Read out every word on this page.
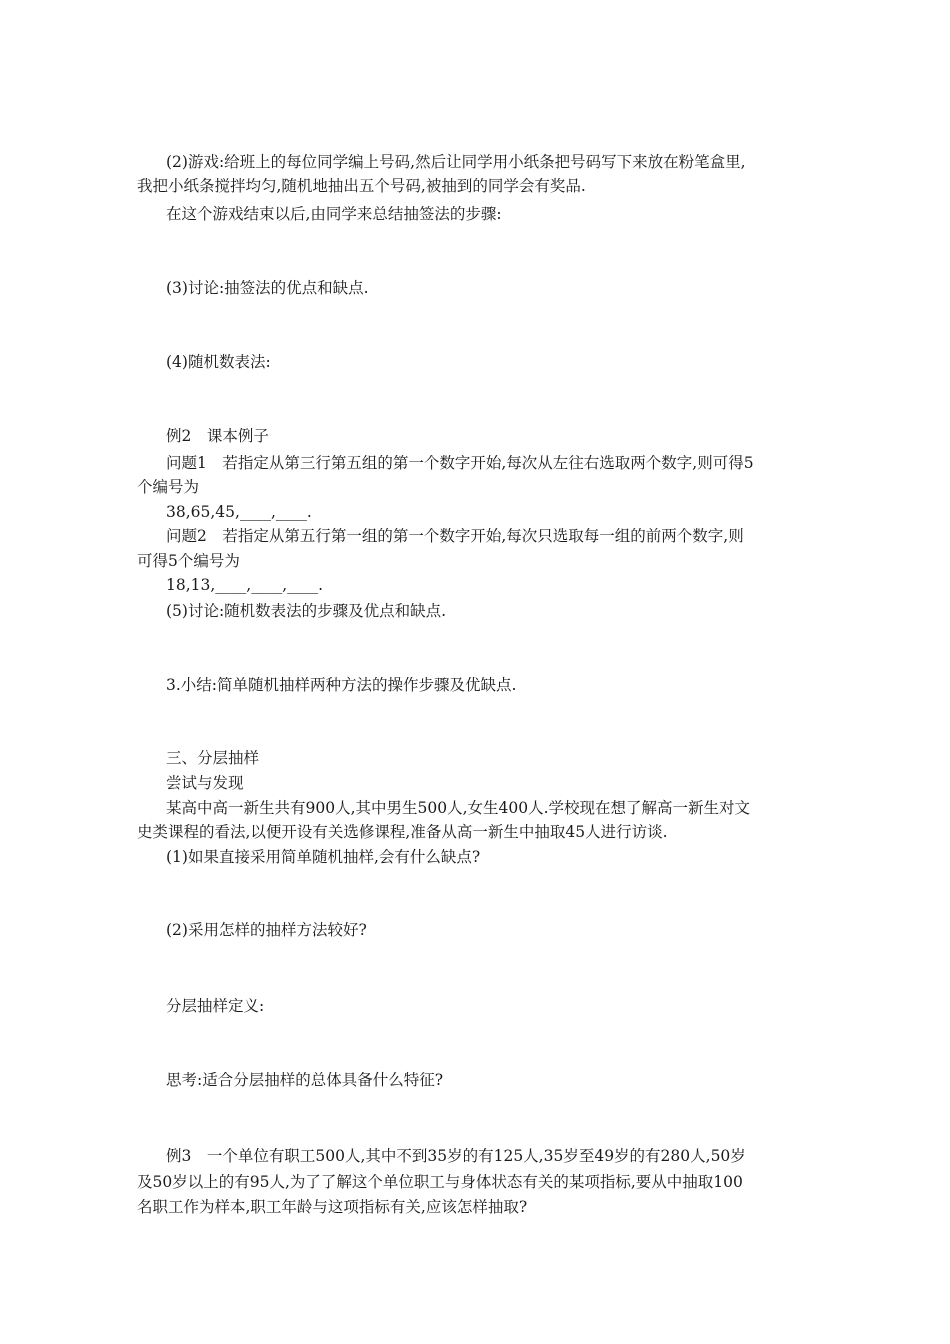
(2)游戏:给班上的每位同学编上号码,然后让同学用小纸条把号码写下来放在粉笔盒里,
我把小纸条搅拌均匀,随机地抽出五个号码,被抽到的同学会有奖品.
在这个游戏结束以后,由同学来总结抽签法的步骤:
(3)讨论:抽签法的优点和缺点.
(4)随机数表法:
例2　课本例子
问题1　若指定从第三行第五组的第一个数字开始,每次从左往右选取两个数字,则可得5
个编号为
38,65,45,____,____.
问题2　若指定从第五行第一组的第一个数字开始,每次只选取每一组的前两个数字,则
可得5个编号为
18,13,____,____,____.
(5)讨论:随机数表法的步骤及优点和缺点.
3.小结:简单随机抽样两种方法的操作步骤及优缺点.
三、分层抽样
尝试与发现
某高中高一新生共有900人,其中男生500人,女生400人.学校现在想了解高一新生对文
史类课程的看法,以便开设有关选修课程,准备从高一新生中抽取45人进行访谈.
(1)如果直接采用简单随机抽样,会有什么缺点?
(2)采用怎样的抽样方法较好?
分层抽样定义:
思考:适合分层抽样的总体具备什么特征?
例3　一个单位有职工500人,其中不到35岁的有125人,35岁至49岁的有280人,50岁
及50岁以上的有95人,为了了解这个单位职工与身体状态有关的某项指标,要从中抽取100
名职工作为样本,职工年龄与这项指标有关,应该怎样抽取?
